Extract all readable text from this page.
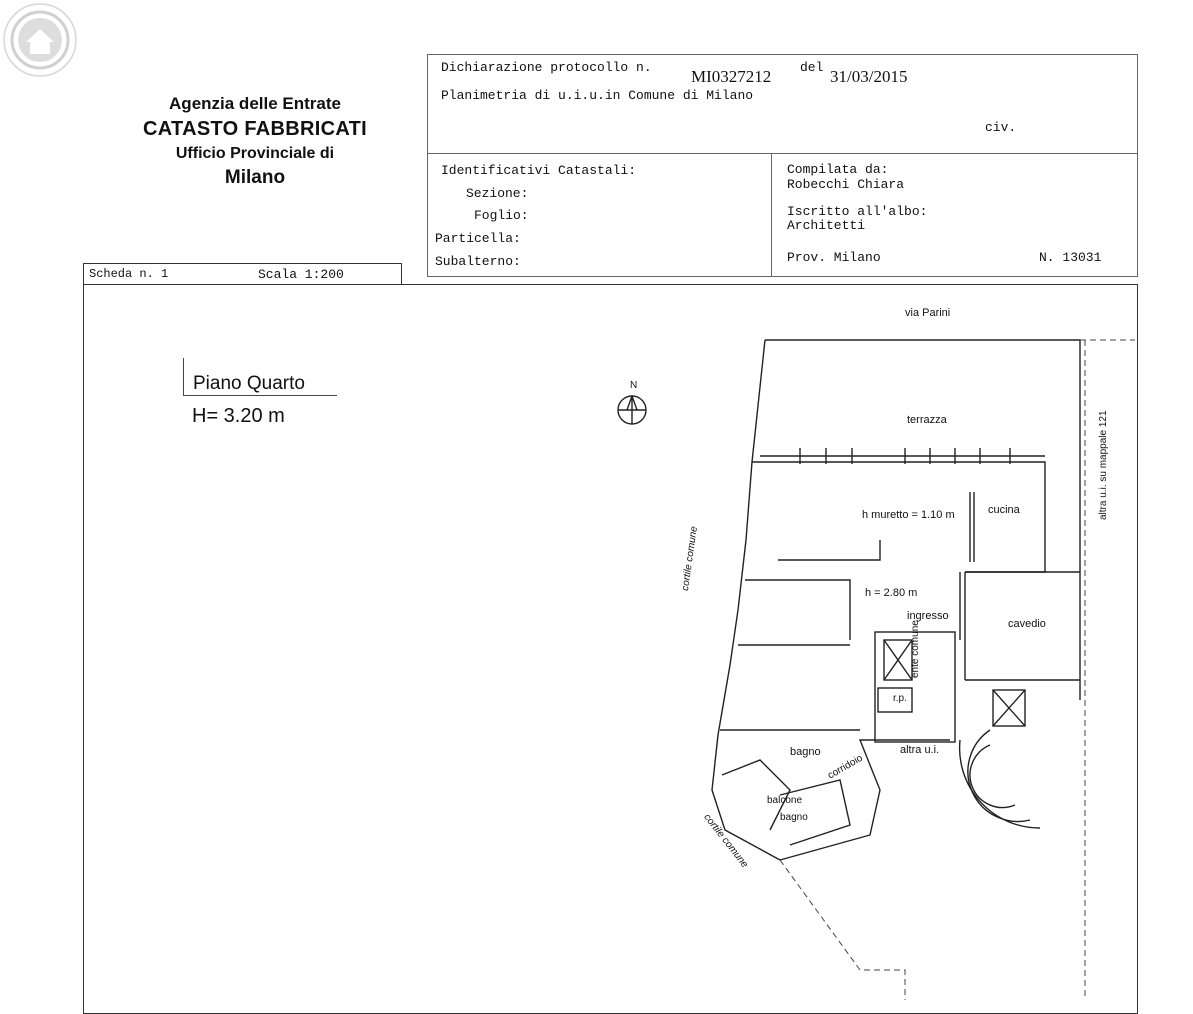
Agenzia delle Entrate
CATASTO FABBRICATI
Ufficio Provinciale di
Milano
Dichiarazione protocollo n. MI0327212 del 31/03/2015
Planimetria di u.i.u.in Comune di Milano
civ.
Identificativi Catastali:
Sezione:
Foglio:
Particella:
Subalterno:
Compilata da:
Robecchi Chiara
Iscritto all'albo:
Architetti
Prov. Milano	N. 13031
Scheda n. 1	Scala 1:200
Piano Quarto
H= 3.20 m
via Parini
terrazza
h muretto = 1.10 m	cucina
h = 2.80 m
ingresso
cavedio
r.p.
altra u.i.
bagno
balcone
bagno
N
ente comune
corridoio
cortile comune
cortile comune
altra u.i. su mappale 121
